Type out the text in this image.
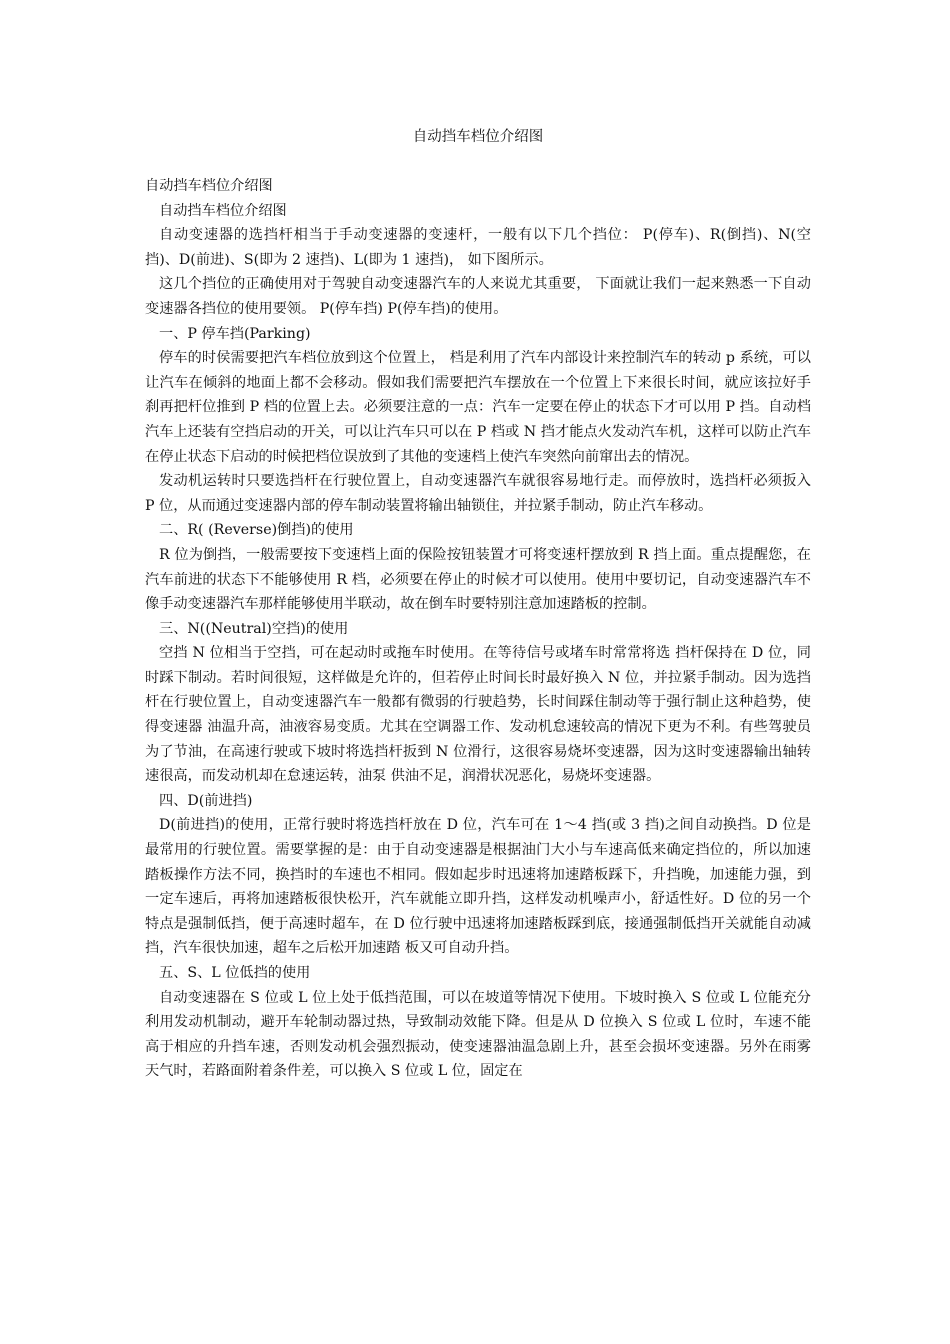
自动挡车档位介绍图

自动挡车档位介绍图

自动挡车档位介绍图

自动变速器的选挡杆相当于手动变速器的变速杆，一般有以下几个挡位： P(停车)、R(倒挡)、N(空挡)、D(前进)、S(即为 2 速挡)、L(即为 1 速挡)， 如下图所示。

这几个挡位的正确使用对于驾驶自动变速器汽车的人来说尤其重要， 下面就让我们一起来熟悉一下自动变速器各挡位的使用要领。 P(停车挡) P(停车挡)的使用。

一、P 停车挡(Parking)

停车的时侯需要把汽车档位放到这个位置上， 档是利用了汽车内部设计来控制汽车的转动 p 系统，可以让汽车在倾斜的地面上都不会移动。假如我们需要把汽车摆放在一个位置上下来很长时间，就应该拉好手刹再把杆位推到 P 档的位置上去。必须要注意的一点：汽车一定要在停止的状态下才可以用 P 挡。自动档汽车上还装有空挡启动的开关，可以让汽车只可以在 P 档或 N 挡才能点火发动汽车机，这样可以防止汽车在停止状态下启动的时候把档位误放到了其他的变速档上使汽车突然向前窜出去的情况。

发动机运转时只要选挡杆在行驶位置上，自动变速器汽车就很容易地行走。而停放时，选挡杆必须扳入 P 位，从而通过变速器内部的停车制动装置将输出轴锁住，并拉紧手制动，防止汽车移动。

二、R( (Reverse)倒挡)的使用

R 位为倒挡，一般需要按下变速档上面的保险按钮装置才可将变速杆摆放到 R 挡上面。重点提醒您，在汽车前进的状态下不能够使用 R 档，必须要在停止的时候才可以使用。使用中要切记，自动变速器汽车不像手动变速器汽车那样能够使用半联动，故在倒车时要特别注意加速踏板的控制。

三、N((Neutral)空挡)的使用

空挡 N 位相当于空挡，可在起动时或拖车时使用。在等待信号或堵车时常常将选 挡杆保持在 D 位，同时踩下制动。若时间很短，这样做是允许的，但若停止时间长时最好换入 N 位，并拉紧手制动。因为选挡杆在行驶位置上，自动变速器汽车一般都有微弱的行驶趋势，长时间踩住制动等于强行制止这种趋势，使得变速器 油温升高，油液容易变质。尤其在空调器工作、发动机怠速较高的情况下更为不利。有些驾驶员为了节油，在高速行驶或下坡时将选挡杆扳到 N 位滑行，这很容易烧坏变速器，因为这时变速器输出轴转速很高，而发动机却在怠速运转，油泵 供油不足，润滑状况恶化，易烧坏变速器。

四、D(前进挡)

D(前进挡)的使用，正常行驶时将选挡杆放在 D 位，汽车可在 1～4 挡(或 3 挡)之间自动换挡。D 位是最常用的行驶位置。需要掌握的是：由于自动变速器是根据油门大小与车速高低来确定挡位的，所以加速踏板操作方法不同，换挡时的车速也不相同。假如起步时迅速将加速踏板踩下，升挡晚，加速能力强，到一定车速后，再将加速踏板很快松开，汽车就能立即升挡，这样发动机噪声小，舒适性好。D 位的另一个特点是强制低挡，便于高速时超车，在 D 位行驶中迅速将加速踏板踩到底，接通强制低挡开关就能自动减挡，汽车很快加速，超车之后松开加速踏 板又可自动升挡。

五、S、L 位低挡的使用

自动变速器在 S 位或 L 位上处于低挡范围，可以在坡道等情况下使用。下坡时换入 S 位或 L 位能充分利用发动机制动，避开车轮制动器过热，导致制动效能下降。但是从 D 位换入 S 位或 L 位时，车速不能高于相应的升挡车速，否则发动机会强烈振动，使变速器油温急剧上升，甚至会损坏变速器。另外在雨雾天气时，若路面附着条件差，可以换入 S 位或 L 位，固定在
